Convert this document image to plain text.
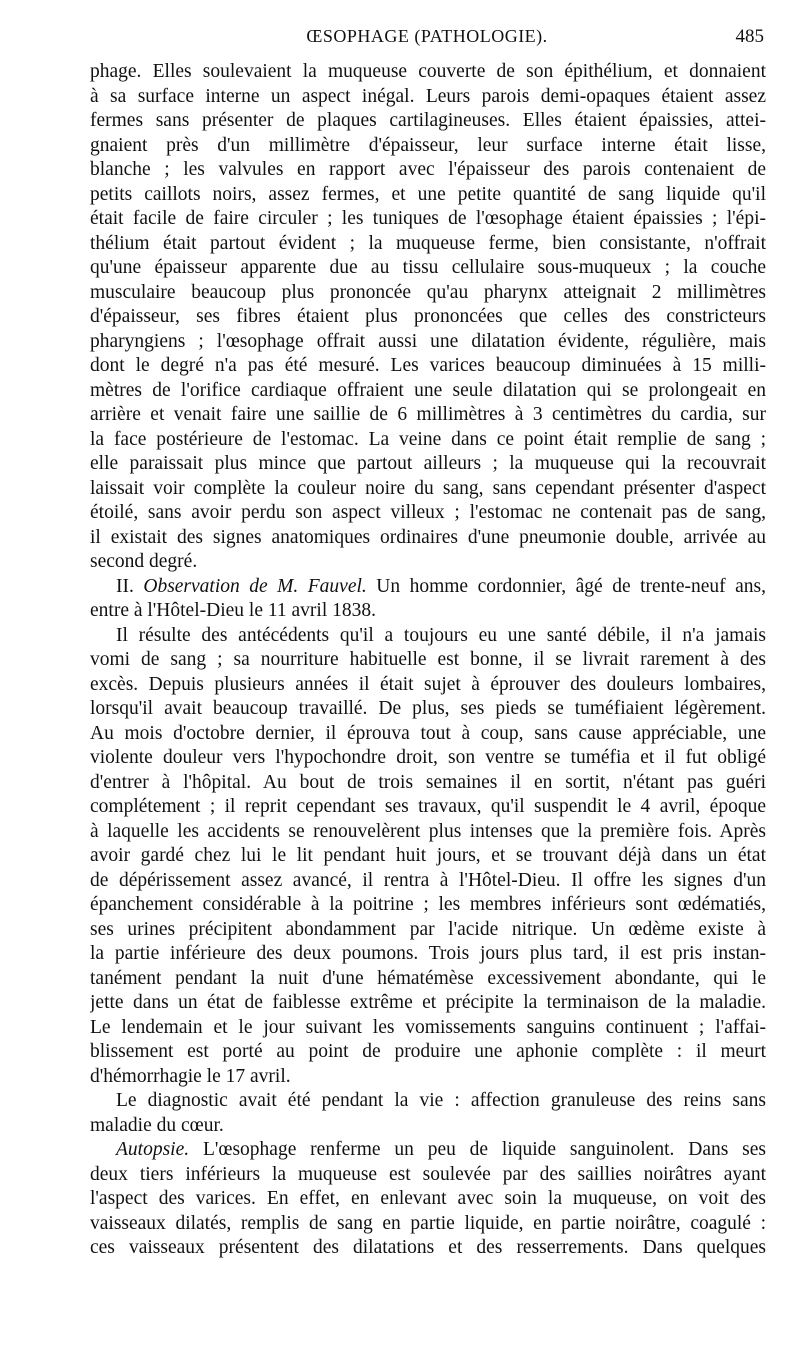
ŒSOPHAGE (PATHOLOGIE).	485
phage. Elles soulevaient la muqueuse couverte de son épithélium, et donnaient
à sa surface interne un aspect inégal. Leurs parois demi-opaques étaient assez
fermes sans présenter de plaques cartilagineuses. Elles étaient épaissies, attei-
gnaient près d'un millimètre d'épaisseur, leur surface interne était lisse,
blanche ; les valvules en rapport avec l'épaisseur des parois contenaient de
petits caillots noirs, assez fermes, et une petite quantité de sang liquide qu'il
était facile de faire circuler ; les tuniques de l'œsophage étaient épaissies ; l'épi-
thélium était partout évident ; la muqueuse ferme, bien consistante, n'offrait
qu'une épaisseur apparente due au tissu cellulaire sous-muqueux ; la couche
musculaire beaucoup plus prononcée qu'au pharynx atteignait 2 millimètres
d'épaisseur, ses fibres étaient plus prononcées que celles des constricteurs
pharyngiens ; l'œsophage offrait aussi une dilatation évidente, régulière, mais
dont le degré n'a pas été mesuré. Les varices beaucoup diminuées à 15 milli-
mètres de l'orifice cardiaque offraient une seule dilatation qui se prolongeait en
arrière et venait faire une saillie de 6 millimètres à 3 centimètres du cardia, sur
la face postérieure de l'estomac. La veine dans ce point était remplie de sang ;
elle paraissait plus mince que partout ailleurs ; la muqueuse qui la recouvrait
laissait voir complète la couleur noire du sang, sans cependant présenter d'aspect
étoilé, sans avoir perdu son aspect villeux ; l'estomac ne contenait pas de sang,
il existait des signes anatomiques ordinaires d'une pneumonie double, arrivée au
second degré.
II. Observation de M. Fauvel. Un homme cordonnier, âgé de trente-neuf ans,
entre à l'Hôtel-Dieu le 11 avril 1838.
Il résulte des antécédents qu'il a toujours eu une santé débile, il n'a jamais
vomi de sang ; sa nourriture habituelle est bonne, il se livrait rarement à des
excès. Depuis plusieurs années il était sujet à éprouver des douleurs lombaires,
lorsqu'il avait beaucoup travaillé. De plus, ses pieds se tuméfiaient légèrement.
Au mois d'octobre dernier, il éprouva tout à coup, sans cause appréciable, une
violente douleur vers l'hypochondre droit, son ventre se tuméfia et il fut obligé
d'entrer à l'hôpital. Au bout de trois semaines il en sortit, n'étant pas guéri
complétement ; il reprit cependant ses travaux, qu'il suspendit le 4 avril, époque
à laquelle les accidents se renouvelèrent plus intenses que la première fois. Après
avoir gardé chez lui le lit pendant huit jours, et se trouvant déjà dans un état
de dépérissement assez avancé, il rentra à l'Hôtel-Dieu. Il offre les signes d'un
épanchement considérable à la poitrine ; les membres inférieurs sont œdématiés,
ses urines précipitent abondamment par l'acide nitrique. Un œdème existe à
la partie inférieure des deux poumons. Trois jours plus tard, il est pris instan-
tanément pendant la nuit d'une hématémèse excessivement abondante, qui le
jette dans un état de faiblesse extrême et précipite la terminaison de la maladie.
Le lendemain et le jour suivant les vomissements sanguins continuent ; l'affai-
blissement est porté au point de produire une aphonie complète : il meurt
d'hémorrhagie le 17 avril.
Le diagnostic avait été pendant la vie : affection granuleuse des reins sans
maladie du cœur.
Autopsie. L'œsophage renferme un peu de liquide sanguinolent. Dans ses
deux tiers inférieurs la muqueuse est soulevée par des saillies noirâtres ayant
l'aspect des varices. En effet, en enlevant avec soin la muqueuse, on voit des
vaisseaux dilatés, remplis de sang en partie liquide, en partie noirâtre, coagulé :
ces vaisseaux présentent des dilatations et des resserrements. Dans quelques
